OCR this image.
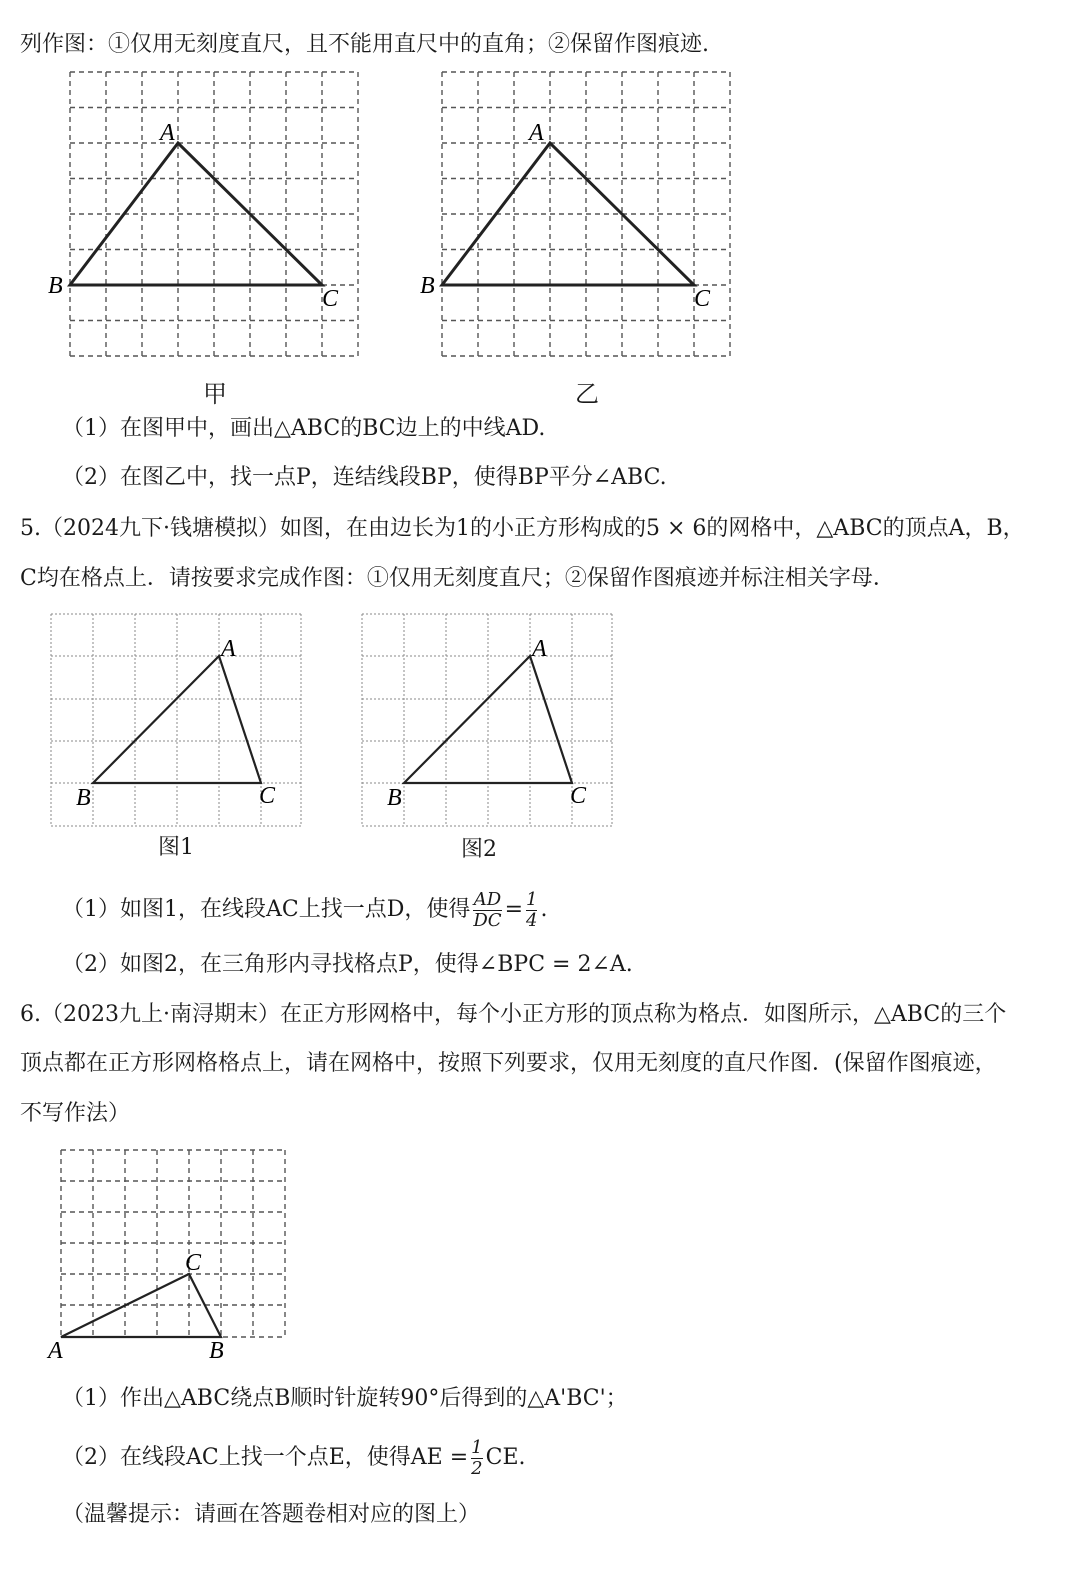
列作图：①仅用无刻度直尺，且不能用直尺中的直角；②保留作图痕迹.
A
B	C
A
B	C
A
B	C
A
B	C
C
A	B
甲	乙
（1）在图甲中，画出△ABC的BC边上的中线AD.
（2）在图乙中，找一点P，连结线段BP，使得BP平分∠ABC.
5.（2024九下·钱塘模拟）如图，在由边长为1的小正方形构成的5 × 6的网格中，△ABC的顶点A，B，
C均在格点上．请按要求完成作图：①仅用无刻度直尺；②保留作图痕迹并标注相关字母．
图1	图2
（1）如图1，在线段AC上找一点D，使得 $\frac{AD}{DC} = \frac{1}{4}$ .
（2）如图2，在三角形内寻找格点P，使得∠BPC = 2∠A.
6.（2023九上·南浔期末）在正方形网格中，每个小正方形的顶点称为格点．如图所示，△ABC的三个
顶点都在正方形网格格点上，请在网格中，按照下列要求，仅用无刻度的直尺作图．(保留作图痕迹，
不写作法）
（1）作出△ABC绕点B顺时针旋转90°后得到的△A'BC'；
（2）在线段AC上找一个点E，使得AE = $\frac{1}{2}$ CE.
（温馨提示：请画在答题卷相对应的图上）
